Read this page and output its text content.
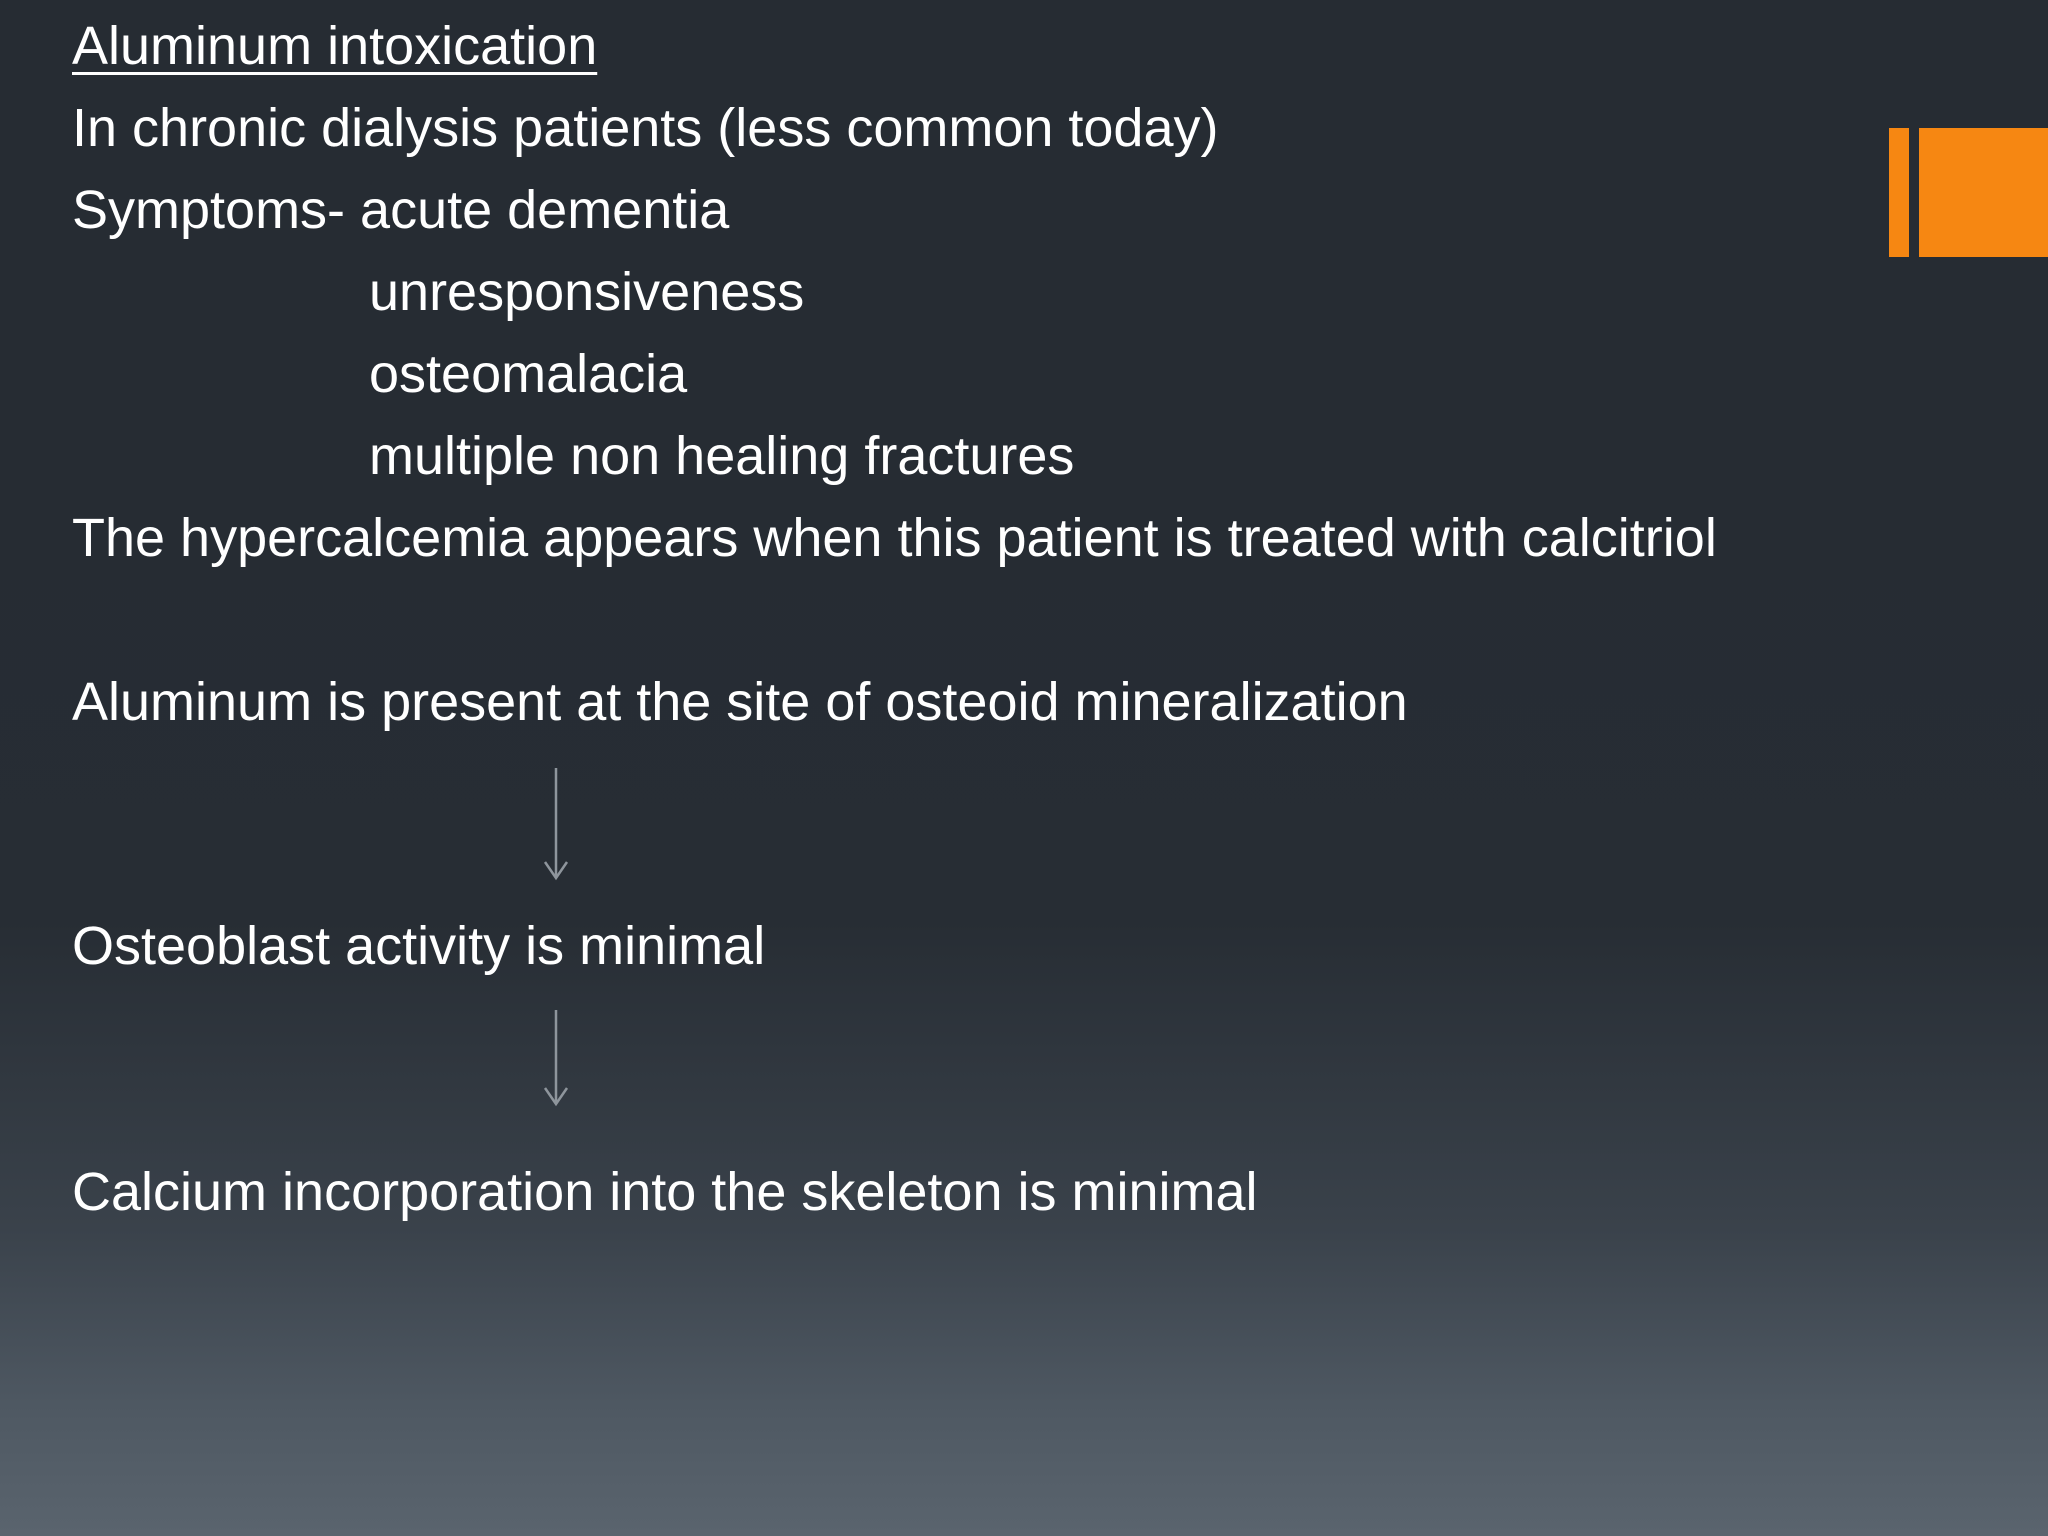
Aluminum intoxication

In chronic dialysis patients (less common today)

Symptoms- acute dementia

unresponsiveness

osteomalacia

multiple non healing fractures

The hypercalcemia appears when this patient is treated with calcitriol

Aluminum is present at the site of osteoid mineralization

Osteoblast activity is minimal

Calcium incorporation into the skeleton is minimal
